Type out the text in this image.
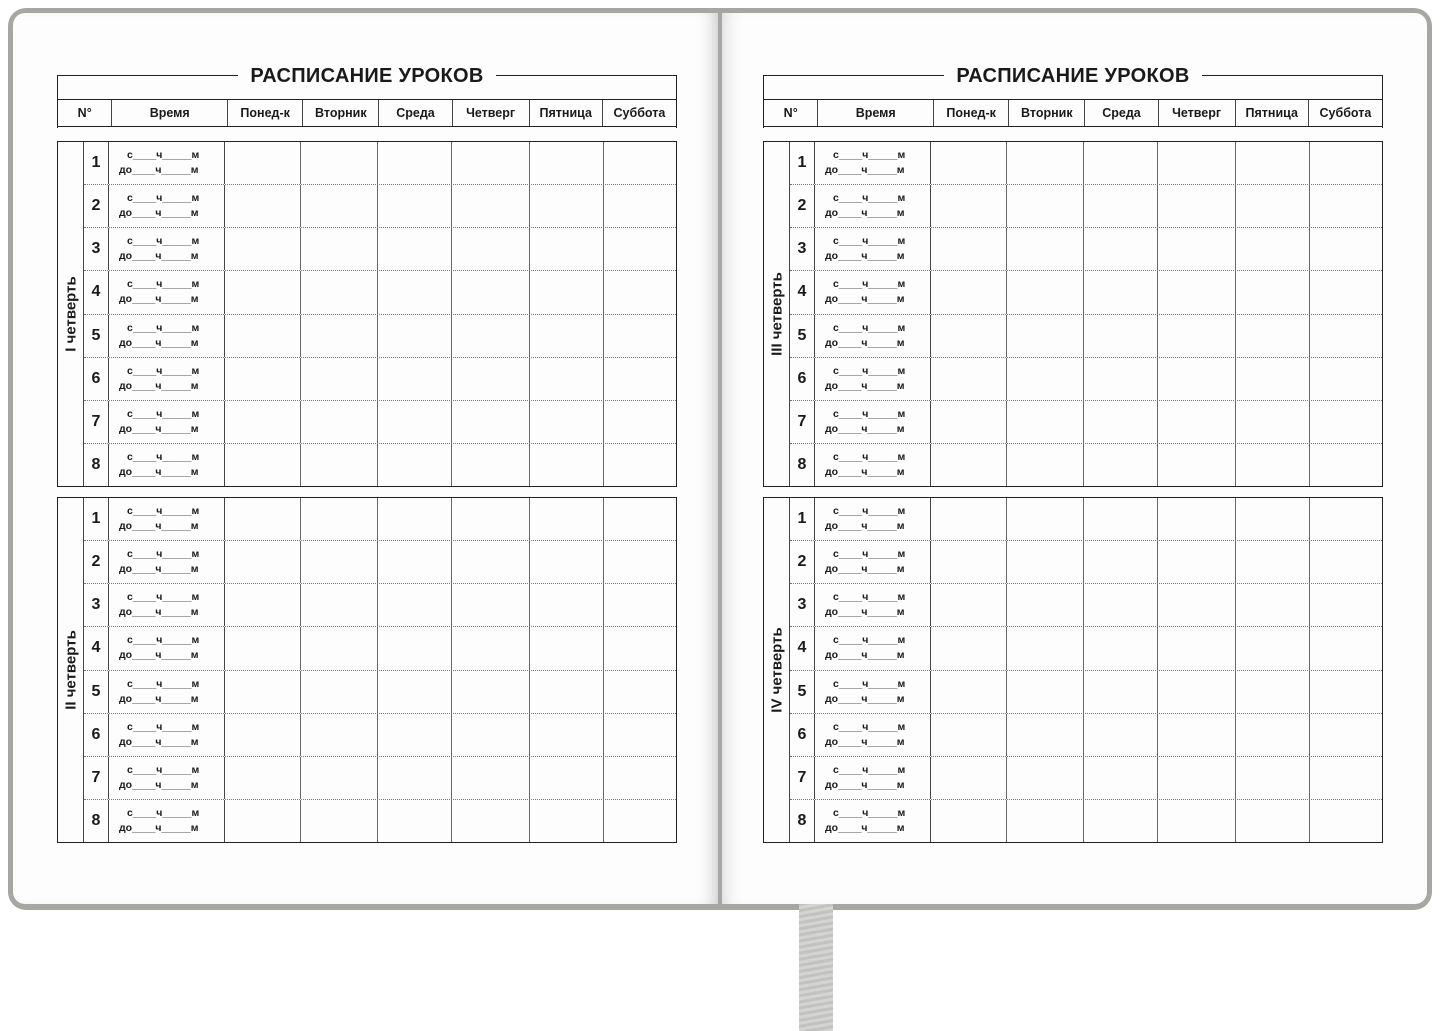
РАСПИСАНИЕ УРОКОВ
N°	Время	Понед-к	Вторник	Среда	Четверг	Пятница	Суббота
I четверть
1	с____ч_____м
до____ч_____м
2	с____ч_____м
до____ч_____м
3	с____ч_____м
до____ч_____м
4	с____ч_____м
до____ч_____м
5	с____ч_____м
до____ч_____м
6	с____ч_____м
до____ч_____м
7	с____ч_____м
до____ч_____м
8	с____ч_____м
до____ч_____м
II четверть
1	с____ч_____м
до____ч_____м
2	с____ч_____м
до____ч_____м
3	с____ч_____м
до____ч_____м
4	с____ч_____м
до____ч_____м
5	с____ч_____м
до____ч_____м
6	с____ч_____м
до____ч_____м
7	с____ч_____м
до____ч_____м
8	с____ч_____м
до____ч_____м
РАСПИСАНИЕ УРОКОВ
N°	Время	Понед-к	Вторник	Среда	Четверг	Пятница	Суббота
III четверть
1	с____ч_____м
до____ч_____м
2	с____ч_____м
до____ч_____м
3	с____ч_____м
до____ч_____м
4	с____ч_____м
до____ч_____м
5	с____ч_____м
до____ч_____м
6	с____ч_____м
до____ч_____м
7	с____ч_____м
до____ч_____м
8	с____ч_____м
до____ч_____м
IV четверть
1	с____ч_____м
до____ч_____м
2	с____ч_____м
до____ч_____м
3	с____ч_____м
до____ч_____м
4	с____ч_____м
до____ч_____м
5	с____ч_____м
до____ч_____м
6	с____ч_____м
до____ч_____м
7	с____ч_____м
до____ч_____м
8	с____ч_____м
до____ч_____м
